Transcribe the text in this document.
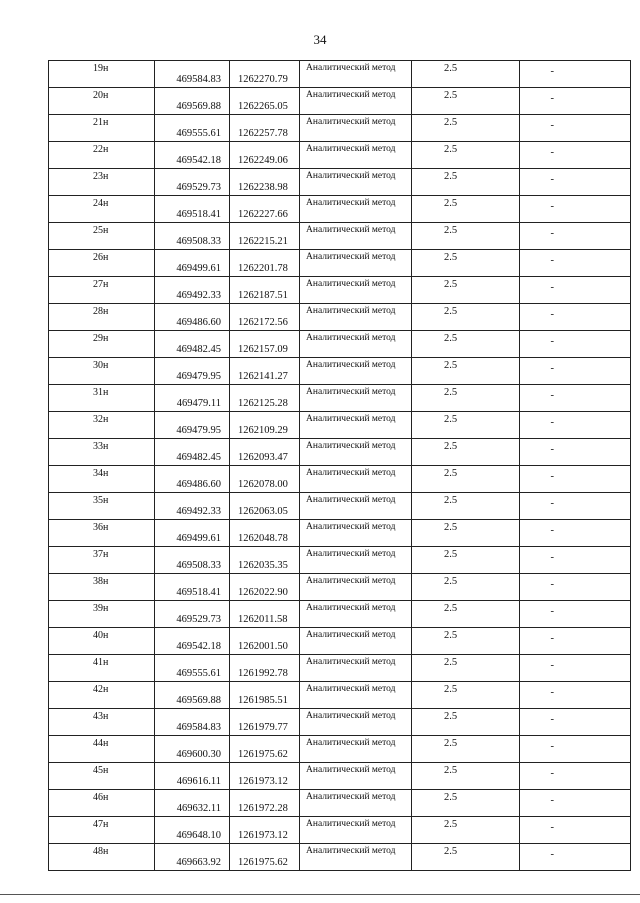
34
19н	469584.83	1262270.79	Аналитический метод	2.5	-

20н	469569.88	1262265.05	Аналитический метод	2.5	-

21н	469555.61	1262257.78	Аналитический метод	2.5	-

22н	469542.18	1262249.06	Аналитический метод	2.5	-

23н	469529.73	1262238.98	Аналитический метод	2.5	-

24н	469518.41	1262227.66	Аналитический метод	2.5	-

25н	469508.33	1262215.21	Аналитический метод	2.5	-

26н	469499.61	1262201.78	Аналитический метод	2.5	-

27н	469492.33	1262187.51	Аналитический метод	2.5	-

28н	469486.60	1262172.56	Аналитический метод	2.5	-

29н	469482.45	1262157.09	Аналитический метод	2.5	-

30н	469479.95	1262141.27	Аналитический метод	2.5	-

31н	469479.11	1262125.28	Аналитический метод	2.5	-

32н	469479.95	1262109.29	Аналитический метод	2.5	-

33н	469482.45	1262093.47	Аналитический метод	2.5	-

34н	469486.60	1262078.00	Аналитический метод	2.5	-

35н	469492.33	1262063.05	Аналитический метод	2.5	-

36н	469499.61	1262048.78	Аналитический метод	2.5	-

37н	469508.33	1262035.35	Аналитический метод	2.5	-

38н	469518.41	1262022.90	Аналитический метод	2.5	-

39н	469529.73	1262011.58	Аналитический метод	2.5	-

40н	469542.18	1262001.50	Аналитический метод	2.5	-

41н	469555.61	1261992.78	Аналитический метод	2.5	-

42н	469569.88	1261985.51	Аналитический метод	2.5	-

43н	469584.83	1261979.77	Аналитический метод	2.5	-

44н	469600.30	1261975.62	Аналитический метод	2.5	-

45н	469616.11	1261973.12	Аналитический метод	2.5	-

46н	469632.11	1261972.28	Аналитический метод	2.5	-

47н	469648.10	1261973.12	Аналитический метод	2.5	-

48н	469663.92	1261975.62	Аналитический метод	2.5	-
